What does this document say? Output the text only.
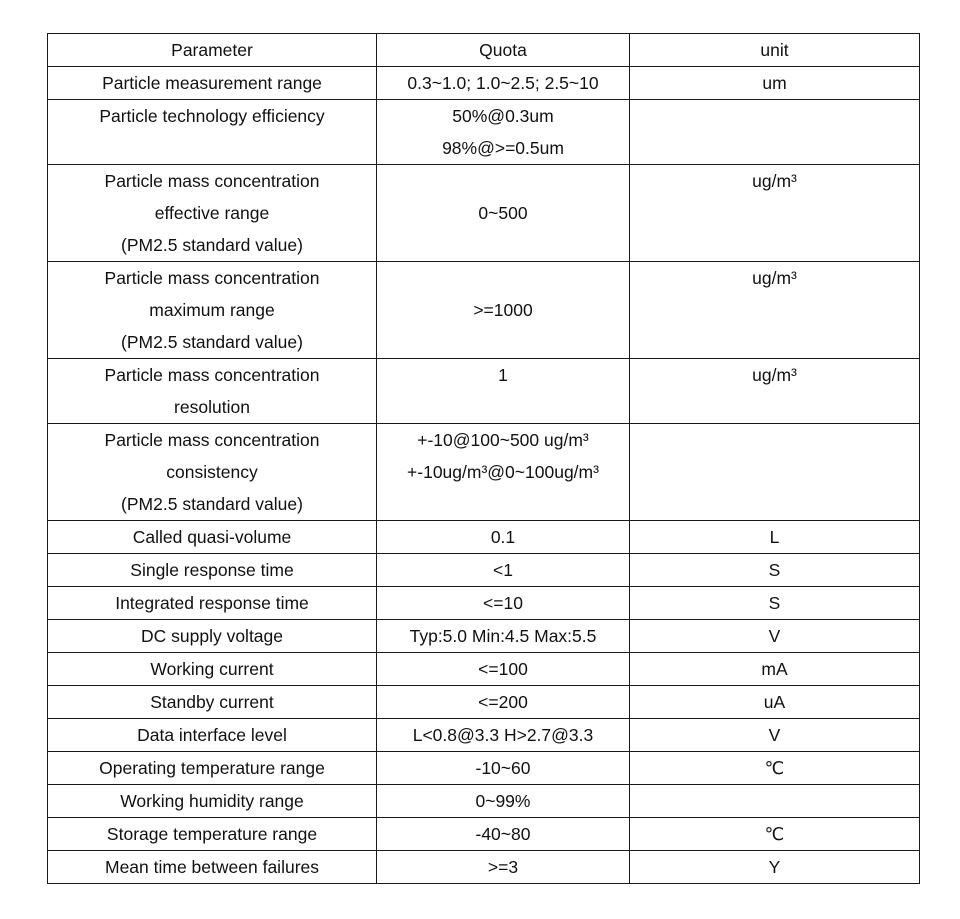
Parameter	Quota	unit

Particle measurement range	0.3~1.0; 1.0~2.5; 2.5~10	um

Particle technology efficiency	50%@0.3um
98%@>=0.5um	

Particle mass concentration
effective range
(PM2.5 standard value)	0~500	ug/m³

Particle mass concentration
maximum range
(PM2.5 standard value)	>=1000	ug/m³

Particle mass concentration
resolution	1	ug/m³

Particle mass concentration
consistency
(PM2.5 standard value)	+-10@100~500 ug/m³
+-10ug/m³@0~100ug/m³	

Called quasi-volume	0.1	L

Single response time	<1	S

Integrated response time	<=10	S

DC supply voltage	Typ:5.0 Min:4.5 Max:5.5	V

Working current	<=100	mA

Standby current	<=200	uA

Data interface level	L<0.8@3.3 H>2.7@3.3	V

Operating temperature range	-10~60	℃

Working humidity range	0~99%	

Storage temperature range	-40~80	℃

Mean time between failures	>=3	Y
